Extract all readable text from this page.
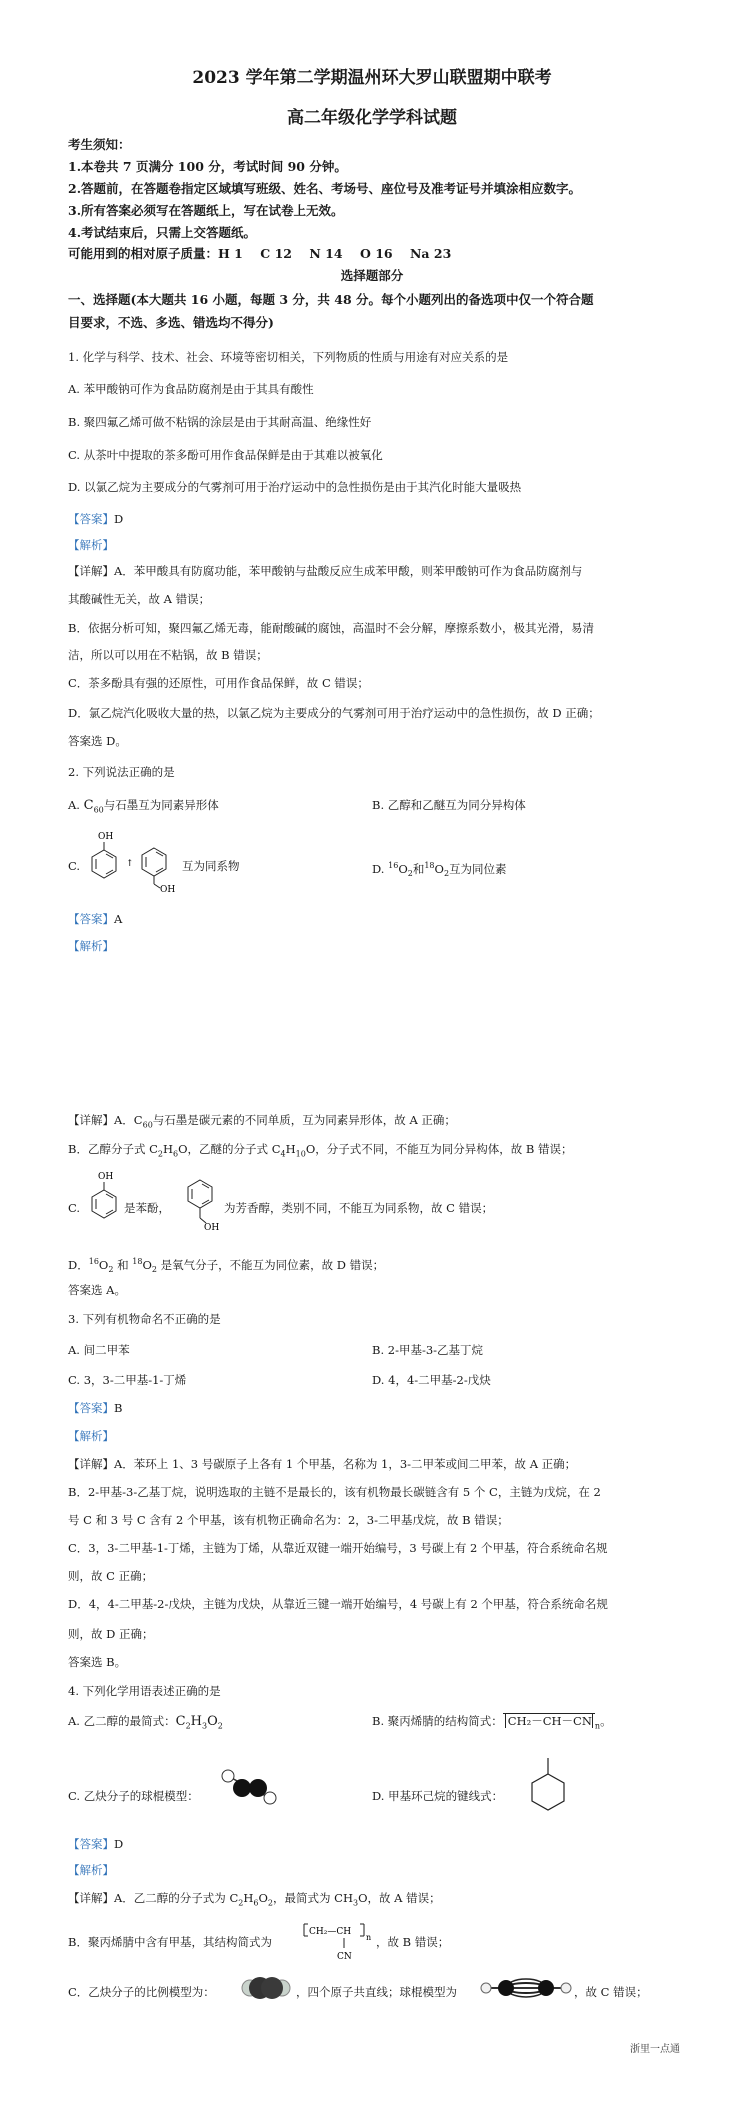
2023 学年第二学期温州环大罗山联盟期中联考
高二年级化学学科试题
考生须知：
1.本卷共 7 页满分 100 分，考试时间 90 分钟。
2.答题前，在答题卷指定区域填写班级、姓名、考场号、座位号及准考证号并填涂相应数字。
3.所有答案必须写在答题纸上，写在试卷上无效。
4.考试结束后，只需上交答题纸。
可能用到的相对原子质量：H 1    C 12    N 14    O 16    Na 23
选择题部分
一、选择题(本大题共 16 小题，每题 3 分，共 48 分。每个小题列出的备选项中仅一个符合题
目要求，不选、多选、错选均不得分)
1. 化学与科学、技术、社会、环境等密切相关，下列物质的性质与用途有对应关系的是
A. 苯甲酸钠可作为食品防腐剂是由于其具有酸性
B. 聚四氟乙烯可做不粘锅的涂层是由于其耐高温、绝缘性好
C. 从茶叶中提取的茶多酚可用作食品保鲜是由于其难以被氧化
D. 以氯乙烷为主要成分的气雾剂可用于治疗运动中的急性损伤是由于其汽化时能大量吸热
【答案】D
【解析】
【详解】A．苯甲酸具有防腐功能，苯甲酸钠与盐酸反应生成苯甲酸，则苯甲酸钠可作为食品防腐剂与
其酸碱性无关，故 A 错误；
B．依据分析可知，聚四氟乙烯无毒，能耐酸碱的腐蚀，高温时不会分解，摩擦系数小，极其光滑，易清
洁，所以可以用在不粘锅，故 B 错误；
C．茶多酚具有强的还原性，可用作食品保鲜，故 C 错误；
D．氯乙烷汽化吸收大量的热，以氯乙烷为主要成分的气雾剂可用于治疗运动中的急性损伤，故 D 正确；
答案选 D。
2. 下列说法正确的是
A. $C_{60}$与石墨互为同素异形体	B. 乙醇和乙醚互为同分异构体
C.
OH
↑
OH
互为同系物	D. $^{16}O_2$和$^{18}O_2$互为同位素
【答案】A
【解析】
【详解】A．$C_{60}$与石墨是碳元素的不同单质，互为同素异形体，故 A 正确；
B．乙醇分子式 $C_2H_6O$，乙醚的分子式 $C_4H_{10}O$，分子式不同，不能互为同分异构体，故 B 错误；
C.
OH
是苯酚，
OH
为芳香醇，类别不同，不能互为同系物，故 C 错误；
D．$^{16}O_2$ 和 $^{18}O_2$ 是氧气分子，不能互为同位素，故 D 错误；
答案选 A。
3. 下列有机物命名不正确的是
A. 间二甲苯	B. 2-甲基-3-乙基丁烷
C. 3，3-二甲基-1-丁烯	D. 4，4-二甲基-2-戊炔
【答案】B
【解析】
【详解】A．苯环上 1、3 号碳原子上各有 1 个甲基，名称为 1，3-二甲苯或间二甲苯，故 A 正确；
B．2-甲基-3-乙基丁烷，说明选取的主链不是最长的，该有机物最长碳链含有 5 个 C，主链为戊烷，在 2
号 C 和 3 号 C 含有 2 个甲基，该有机物正确命名为：2，3-二甲基戊烷，故 B 错误；
C．3，3-二甲基-1-丁烯，主链为丁烯，从靠近双键一端开始编号，3 号碳上有 2 个甲基，符合系统命名规
则，故 C 正确；
D．4，4-二甲基-2-戊炔，主链为戊炔，从靠近三键一端开始编号，4 号碳上有 2 个甲基，符合系统命名规
则，故 D 正确；
答案选 B。
4. 下列化学用语表述正确的是
A. 乙二醇的最简式：$C_2H_3O_2$	B. 聚丙烯腈的结构简式： CH₂－CH－CN $_n$。
C. 乙炔分子的球棍模型：	D. 甲基环己烷的键线式：
【答案】D
【解析】
【详解】A．乙二醇的分子式为 $C_2H_6O_2$，最简式为 $CH_3O$，故 A 错误；
B．聚丙烯腈中含有甲基，其结构简式为
CH₂—CH
n
CN
，故 B 错误；
C．乙炔分子的比例模型为：	，四个原子共直线；球棍模型为	，故 C 错误；
浙里一点通
